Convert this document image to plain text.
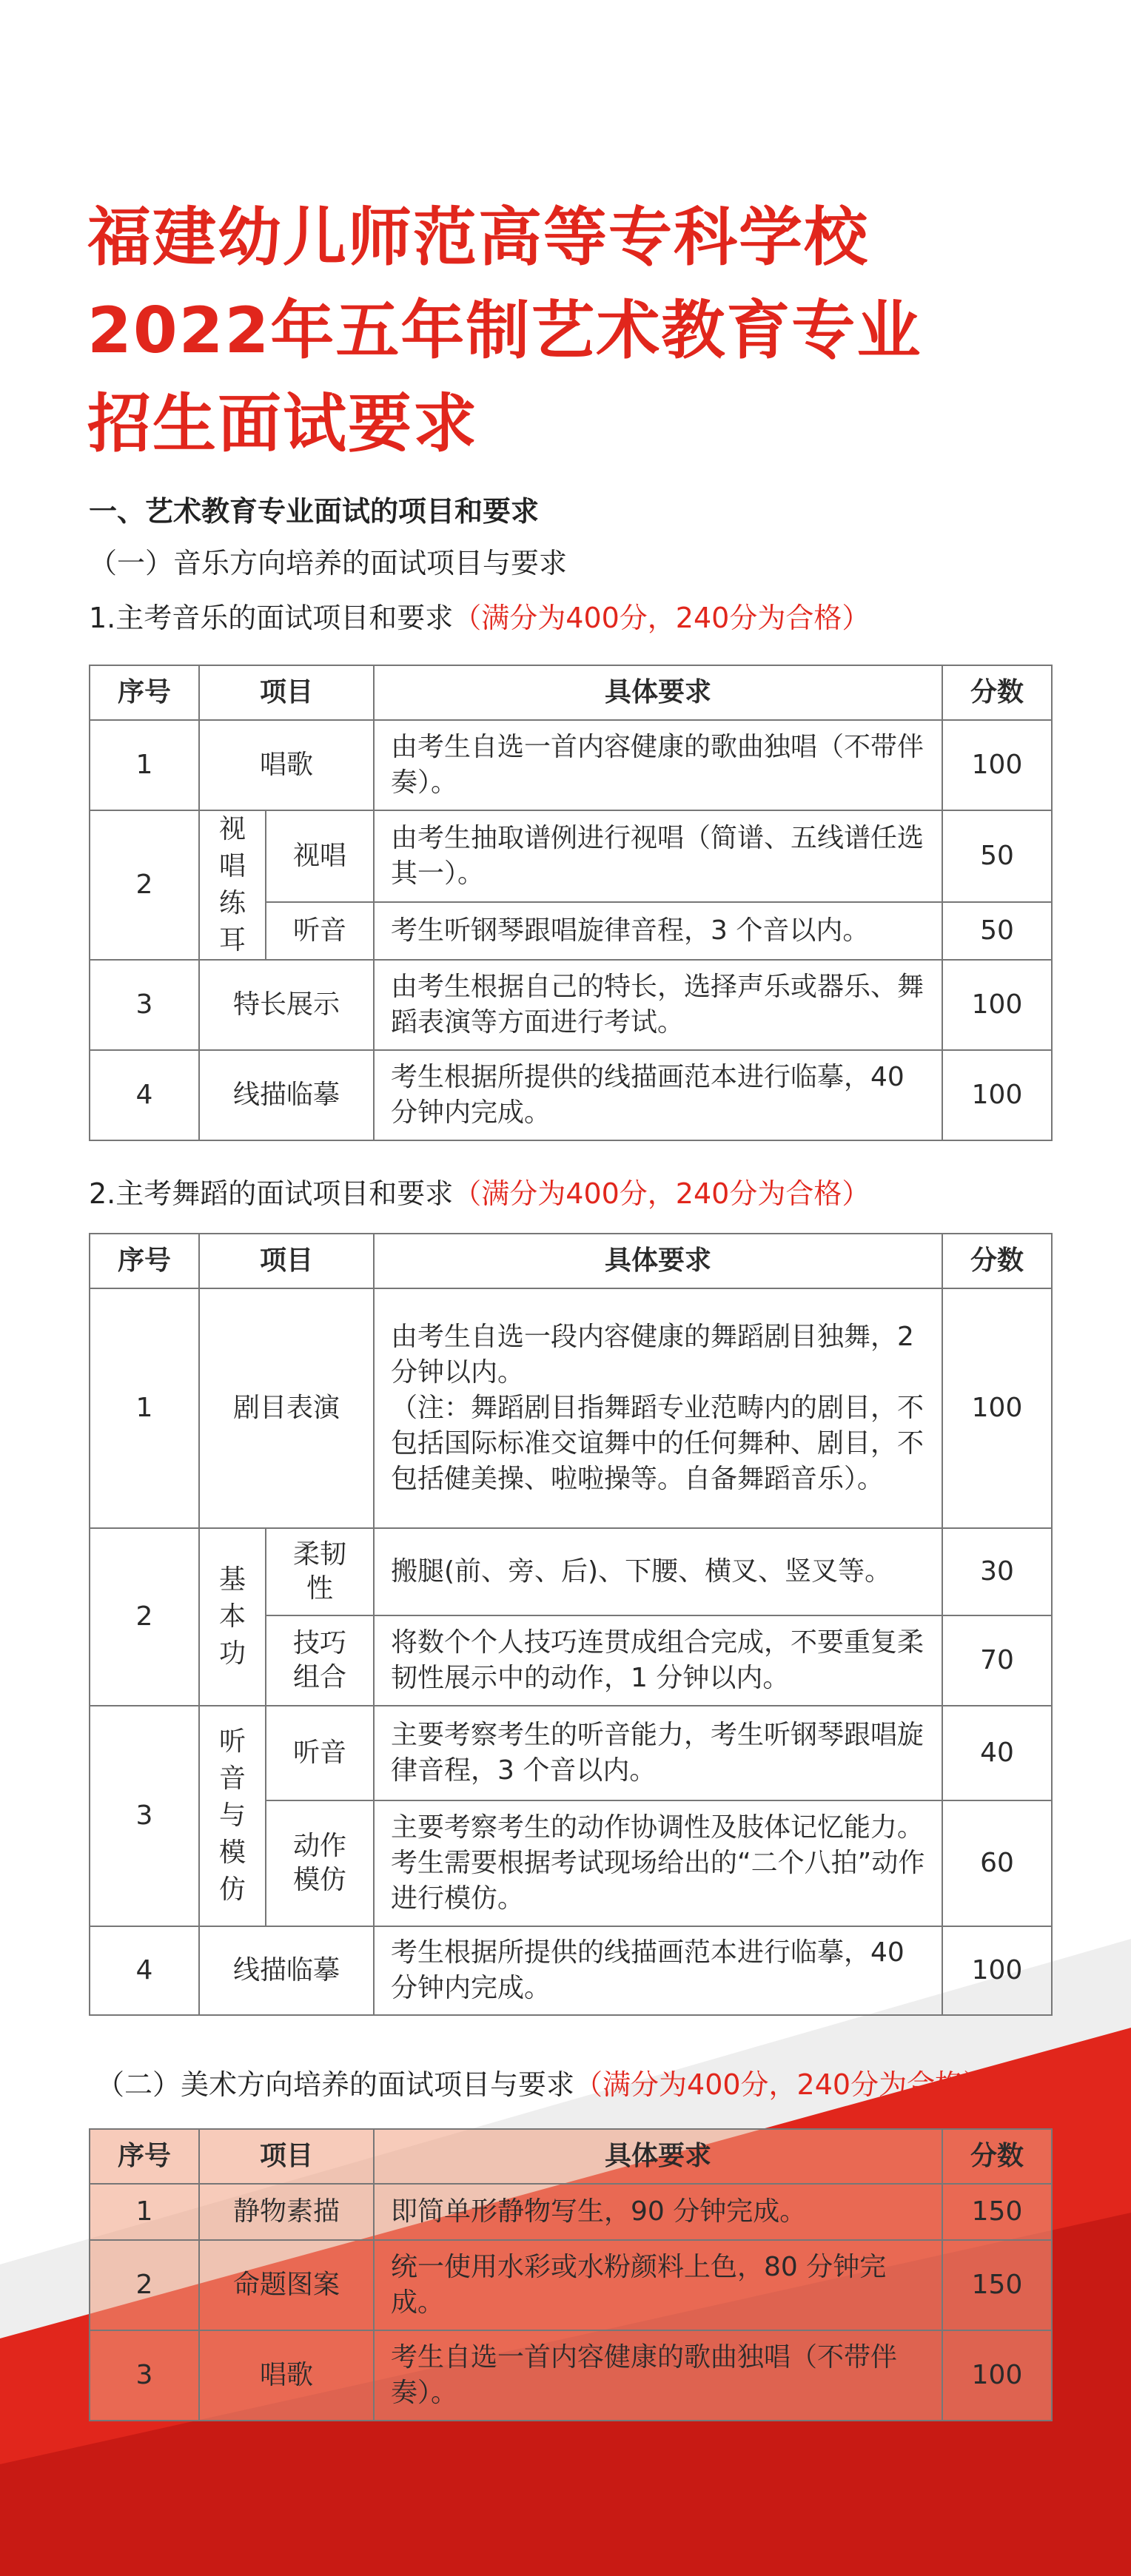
福建幼儿师范高等专科学校
2022年五年制艺术教育专业
招生面试要求
一、艺术教育专业面试的项目和要求
（一）音乐方向培养的面试项目与要求
1.主考音乐的面试项目和要求（满分为400分，240分为合格）
序号	项目		具体要求	分数
1	唱歌		由考生自选一首内容健康的歌曲独唱（不带伴奏）。	100
2	视唱练耳	视唱	由考生抽取谱例进行视唱（简谱、五线谱任选其一）。	50
		听音	考生听钢琴跟唱旋律音程，3 个音以内。	50
3	特长展示		由考生根据自己的特长，选择声乐或器乐、舞蹈表演等方面进行考试。	100
4	线描临摹		考生根据所提供的线描画范本进行临摹，40 分钟内完成。	100
2.主考舞蹈的面试项目和要求（满分为400分，240分为合格）
序号	项目		具体要求	分数
1	剧目表演		由考生自选一段内容健康的舞蹈剧目独舞，2 分钟以内。
（注：舞蹈剧目指舞蹈专业范畴内的剧目，不包括国际标准交谊舞中的任何舞种、剧目，不包括健美操、啦啦操等。自备舞蹈音乐）。	100
2	基本功	柔韧性	搬腿(前、旁、后)、下腰、横叉、竖叉等。	30

		技巧组合	将数个个人技巧连贯成组合完成，不要重复柔韧性展示中的动作，1 分钟以内。	70
3	听音与模仿	听音	主要考察考生的听音能力，考生听钢琴跟唱旋律音程，3 个音以内。	40

		动作模仿	主要考察考生的动作协调性及肢体记忆能力。考生需要根据考试现场给出的“二个八拍”动作进行模仿。	60
4	线描临摹		考生根据所提供的线描画范本进行临摹，40 分钟内完成。	100
（二）美术方向培养的面试项目与要求（满分为400分，240分为合格）
序号	项目	具体要求	分数
1	静物素描	即简单形静物写生，90 分钟完成。	150
2	命题图案	统一使用水彩或水粉颜料上色，80 分钟完成。	150
3	唱歌	考生自选一首内容健康的歌曲独唱（不带伴奏）。	100
